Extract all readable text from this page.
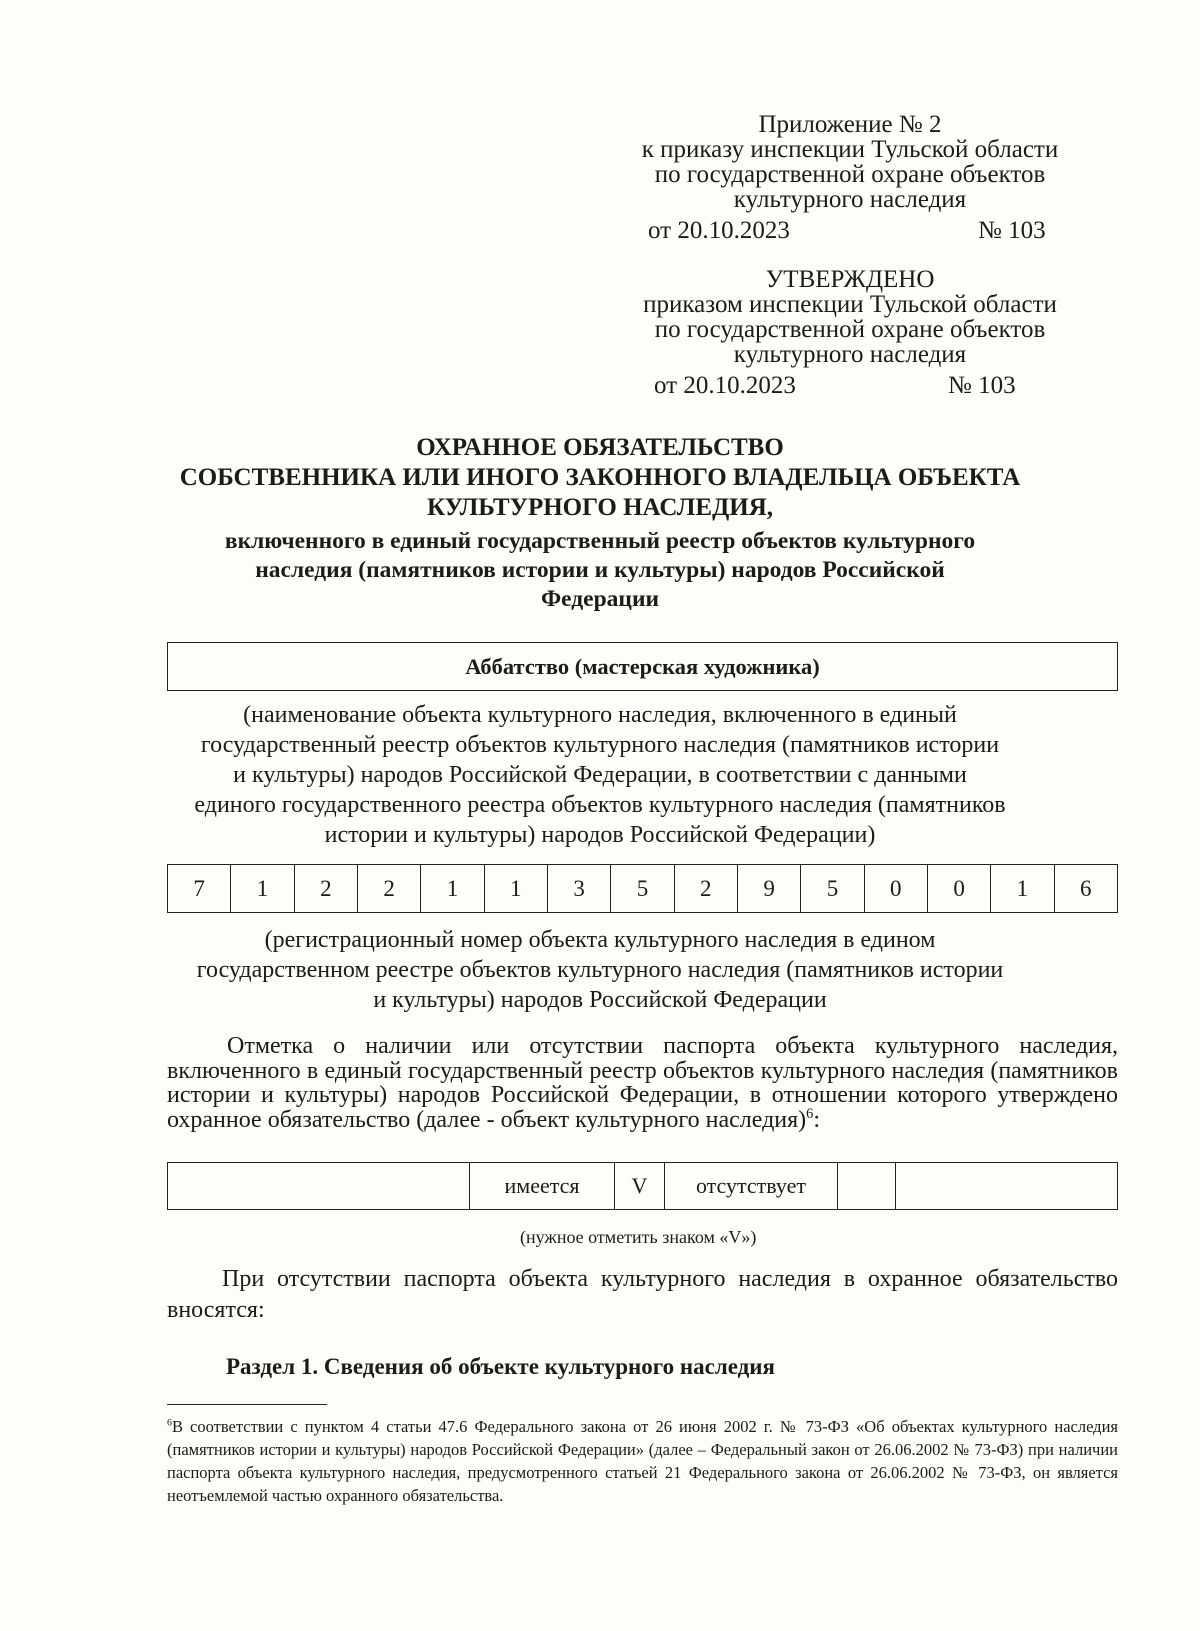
Приложение № 2
к приказу инспекции Тульской области
по государственной охране объектов
культурного наследия
от 20.10.2023	№ 103
УТВЕРЖДЕНО
приказом инспекции Тульской области
по государственной охране объектов
культурного наследия
от 20.10.2023	№ 103
ОХРАННОЕ ОБЯЗАТЕЛЬСТВО
СОБСТВЕННИКА ИЛИ ИНОГО ЗАКОННОГО ВЛАДЕЛЬЦА ОБЪЕКТА
КУЛЬТУРНОГО НАСЛЕДИЯ,
включенного в единый государственный реестр объектов культурного
наследия (памятников истории и культуры) народов Российской
Федерации
Аббатство (мастерская художника)
(наименование объекта культурного наследия, включенного в единый
государственный реестр объектов культурного наследия (памятников истории
и культуры) народов Российской Федерации, в соответствии с данными
единого государственного реестра объектов культурного наследия (памятников
истории и культуры) народов Российской Федерации)
7	1	2	2	1	1	3	5	2	9	5	0	0	1	6
(регистрационный номер объекта культурного наследия в едином
государственном реестре объектов культурного наследия (памятников истории
и культуры) народов Российской Федерации
Отметка о наличии или отсутствии паспорта объекта культурного наследия, включенного в единый государственный реестр объектов культурного наследия (памятников истории и культуры) народов Российской Федерации, в отношении которого утверждено охранное обязательство (далее - объект культурного наследия)$^6$:
	имеется	V	отсутствует		
(нужное отметить знаком «V»)
При отсутствии паспорта объекта культурного наследия в охранное обязательство вносятся:
Раздел 1. Сведения об объекте культурного наследия
$^6$В соответствии с пунктом 4 статьи 47.6 Федерального закона от 26 июня 2002 г. № 73-ФЗ «Об объектах культурного наследия (памятников истории и культуры) народов Российской Федерации» (далее – Федеральный закон от 26.06.2002 № 73-ФЗ) при наличии паспорта объекта культурного наследия, предусмотренного статьей 21 Федерального закона от 26.06.2002 № 73-ФЗ, он является неотъемлемой частью охранного обязательства.
